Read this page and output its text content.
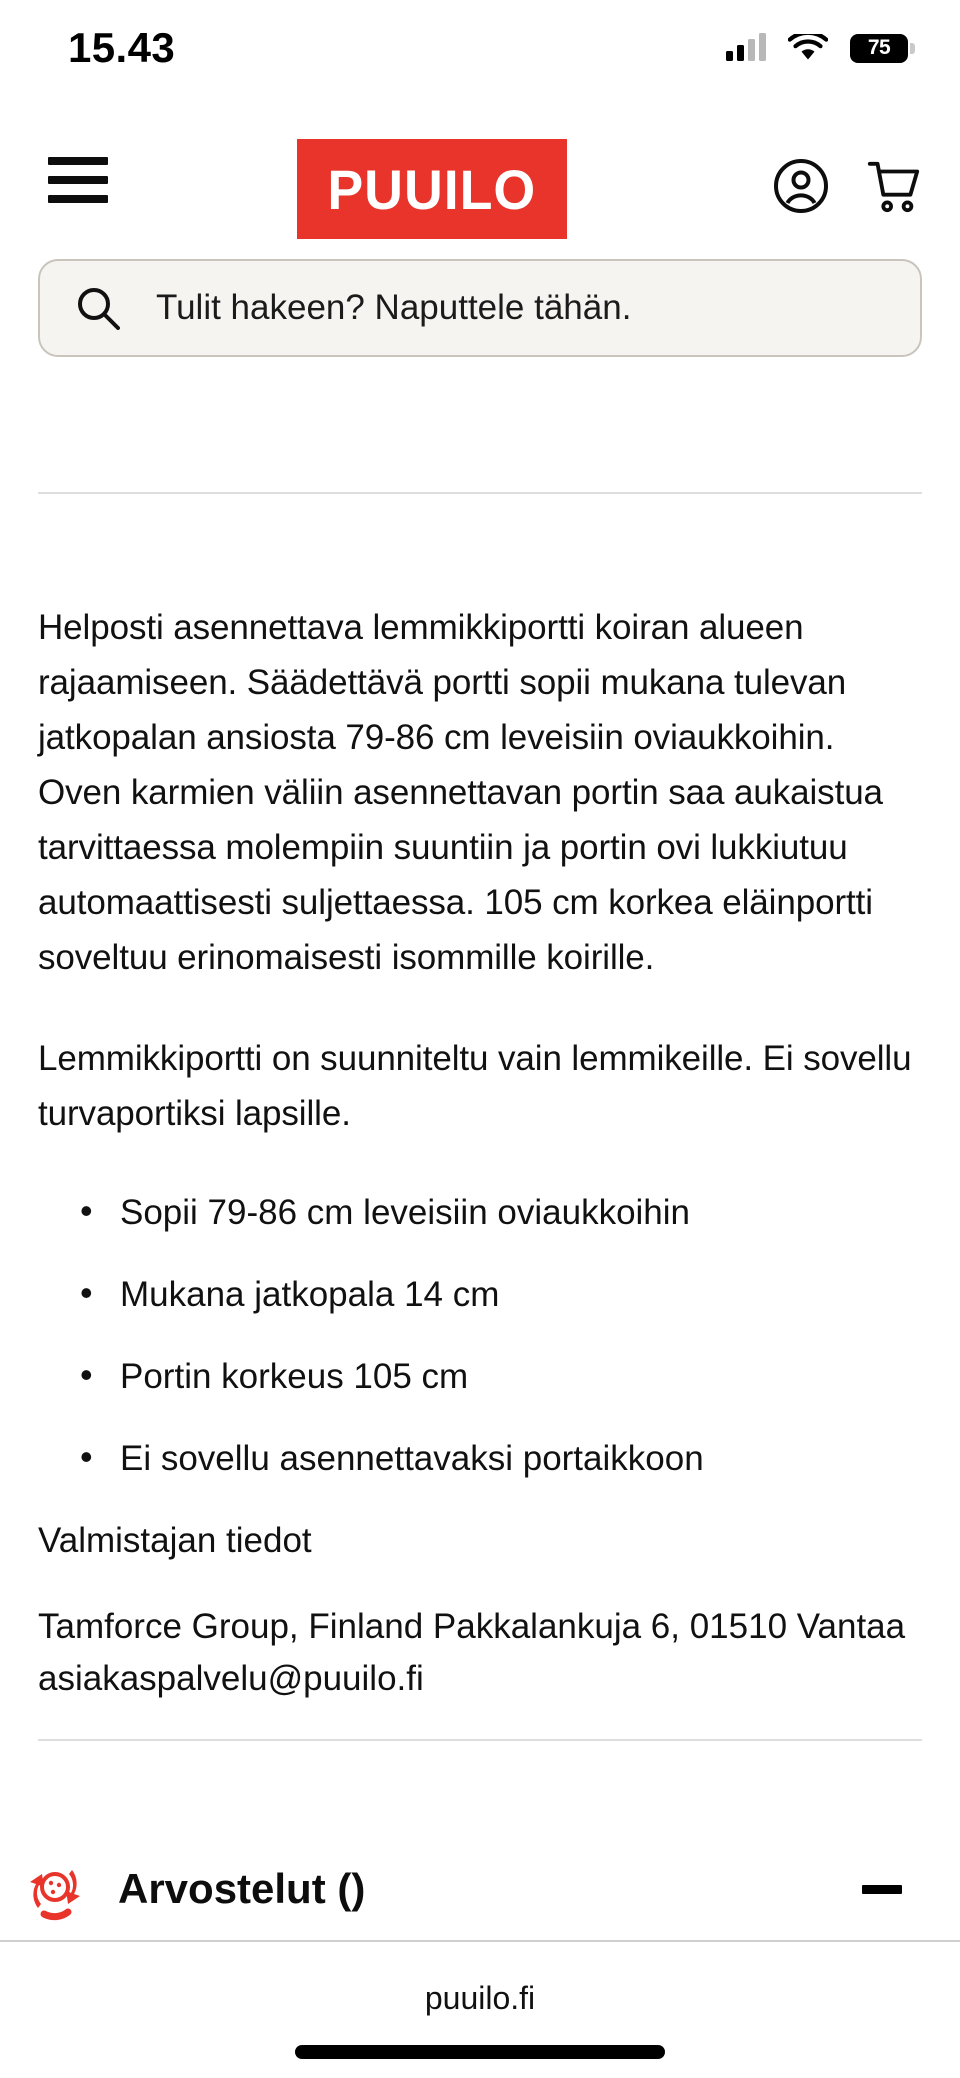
15.43	75

Helposti asennettava lemmikkiportti koiran alueen rajaamiseen. Säädettävä portti sopii mukana tulevan jatkopalan ansiosta 79-86 cm leveisiin oviaukkoihin. Oven karmien väliin asennettavan portin saa aukaistua tarvittaessa molempiin suuntiin ja portin ovi lukkiutuu automaattisesti suljettaessa. 105 cm korkea eläinportti soveltuu erinomaisesti isommille koirille.

Lemmikkiportti on suunniteltu vain lemmikeille. Ei sovellu turvaportiksi lapsille.

• Sopii 79-86 cm leveisiin oviaukkoihin
• Mukana jatkopala 14 cm
• Portin korkeus 105 cm
• Ei sovellu asennettavaksi portaikkoon
Valmistajan tiedot
Tamforce Group, Finland Pakkalankuja 6, 01510 Vantaa
asiakaspalvelu@puuilo.fi
Arvostelut ()
PUUILO
Tulit hakeen? Naputtele tähän.
puuilo.fi
